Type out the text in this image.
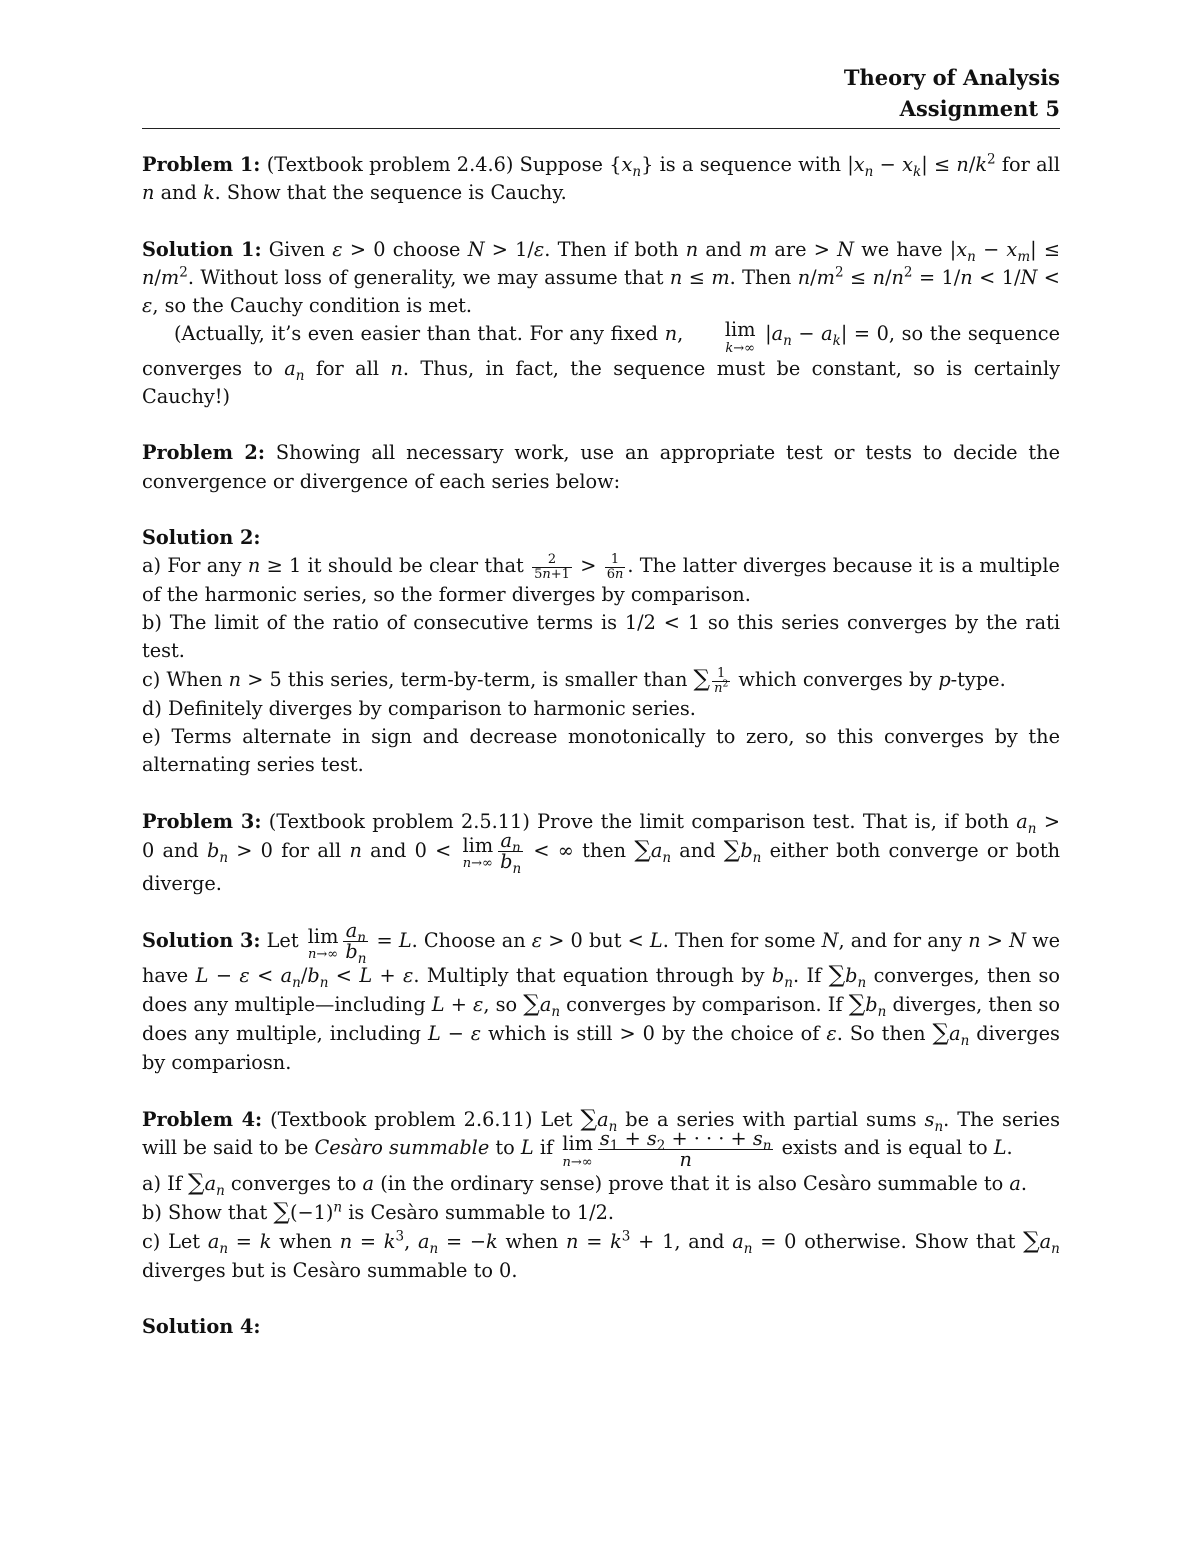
Theory of Analysis
Assignment 5

Problem 1: (Textbook problem 2.4.6) Suppose $\{x_n\}$ is a sequence with $|x_n - x_k| \le n/k^2$ for all n and k. Show that the sequence is Cauchy.

Solution 1: Given ε > 0 choose N > 1/ε. Then if both n and m are > N we have $|x_n - x_m| \le n/m^2$. Without loss of generality, we may assume that n ≤ m. Then $n/m^2 \le n/n^2 = 1/n < 1/N < \varepsilon$, so the Cauchy condition is met.

(Actually, it’s even easier than that. For any fixed n, lim
k→∞
$|a_n - a_k| = 0$, so the sequence converges to $a_n$ for all n. Thus, in fact, the sequence must be constant, so is certainly Cauchy!)

Problem 2: Showing all necessary work, use an appropriate test or tests to decide the convergence or divergence of each series below:

Solution 2:

a) For any n ≥ 1 it should be clear that $\frac{2}{5n+1} > \frac{1}{6n}$ . The latter diverges because it is a multiple of the harmonic series, so the former diverges by comparison.

b) The limit of the ratio of consecutive terms is 1/2 < 1 so this series converges by the rati test.

c) When n > 5 this series, term-by-term, is smaller than ∑ $\frac{1}{n^2}$ which converges by p-type.

d) Definitely diverges by comparison to harmonic series.

e) Terms alternate in sign and decrease monotonically to zero, so this converges by the alternating series test.

Problem 3: (Textbook problem 2.5.11) Prove the limit comparison test. That is, if both $a_n > 0$ and $b_n > 0$ for all n and 0 < lim
$n\to\infty \frac{a_n}{b_n}$ < ∞ then $\sum a_n$ and $\sum b_n$ either both converge or both diverge.

Solution 3: Let lim
$n\to\infty \frac{a_n}{b_n} = L$. Choose an ε > 0 but < L. Then for some N, and for any n > N we have $L - \varepsilon < a_n/b_n < L + \varepsilon$. Multiply that equation through by $b_n$. If $\sum b_n$ converges, then so does any multiple—including L + ε, so $\sum a_n$ converges by comparison. If $\sum b_n$ diverges, then so does any multiple, including L − ε which is still > 0 by the choice of ε. So then $\sum a_n$ diverges by compariosn.

Problem 4: (Textbook problem 2.6.11) Let $\sum a_n$ be a series with partial sums $s_n$. The series will be said to be Cesàro summable to L if lim
$n\to\infty \frac{s_1 + s_2 + \cdot \cdot \cdot + s_n}{n}$ exists and is equal to L.

a) If $\sum a_n$ converges to a (in the ordinary sense) prove that it is also Cesàro summable to a.

b) Show that $\sum(-1)^n$ is Cesàro summable to 1/2.

c) Let $a_n = k$ when $n = k^3$, $a_n = -k$ when $n = k^3 + 1$, and $a_n = 0$ otherwise. Show that $\sum a_n$ diverges but is Cesàro summable to 0.

Solution 4:
